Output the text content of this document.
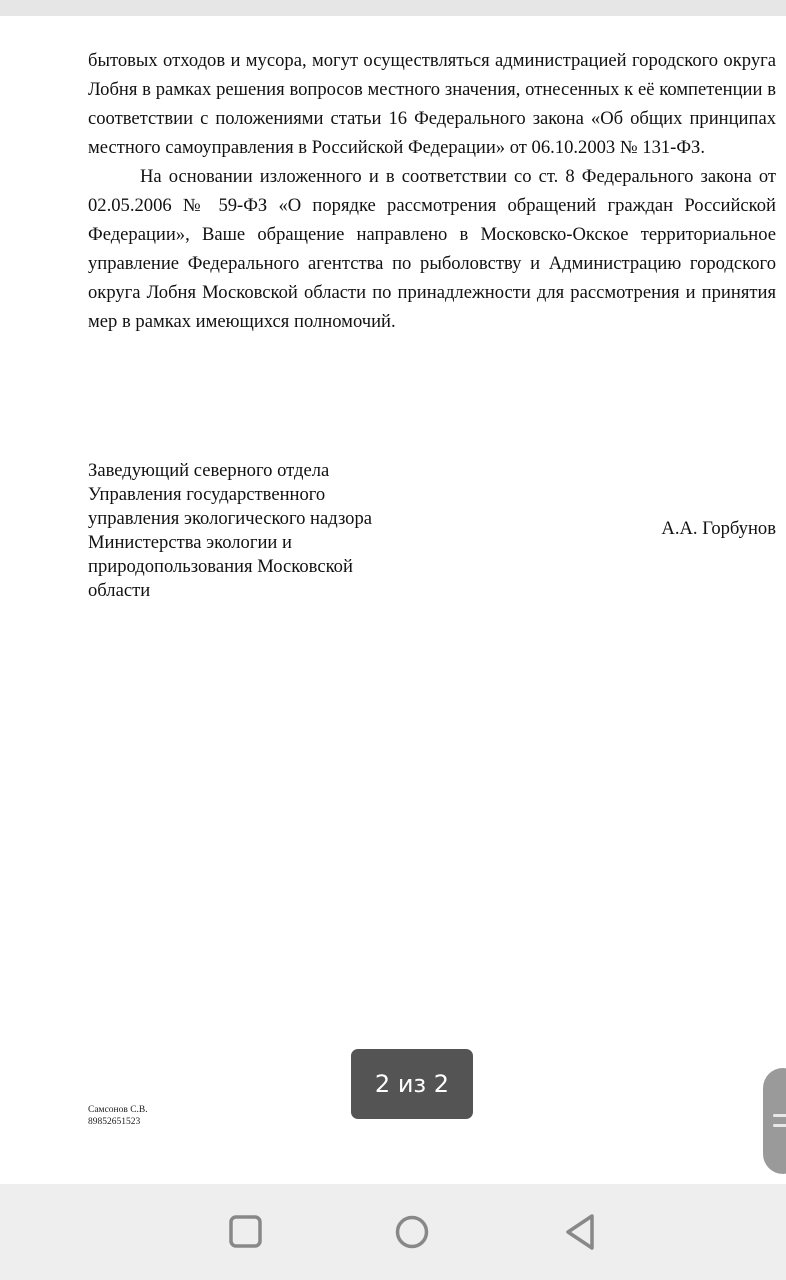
бытовых отходов и мусора, могут осуществляться администрацией городского округа Лобня в рамках решения вопросов местного значения, отнесенных к её компетенции в соответствии с положениями статьи 16 Федерального закона «Об общих принципах местного самоуправления в Российской Федерации» от 06.10.2003 № 131-ФЗ.

На основании изложенного и в соответствии со ст. 8 Федерального закона от 02.05.2006 № 59-ФЗ «О порядке рассмотрения обращений граждан Российской Федерации», Ваше обращение направлено в Московско-Окское территориальное управление Федерального агентства по рыболовству и Администрацию городского округа Лобня Московской области по принадлежности для рассмотрения и принятия мер в рамках имеющихся полномочий.

Заведующий северного отдела
Управления государственного
управления экологического надзора
Министерства экологии и
природопользования Московской
области
А.А. Горбунов
Самсонов С.В.
89852651523
2 из 2
